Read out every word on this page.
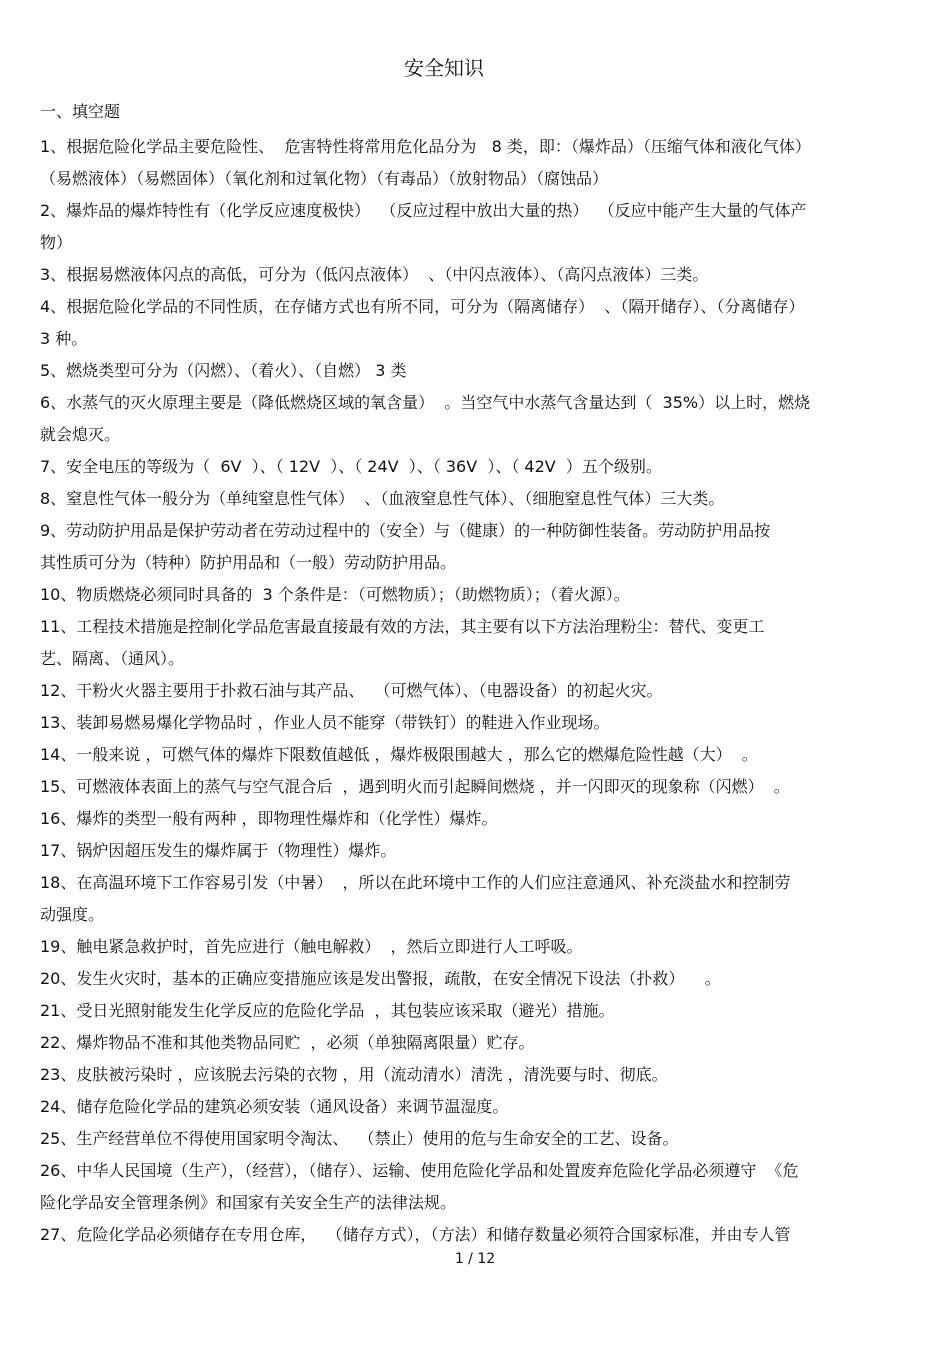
安全知识
一、填空题

1、根据危险化学品主要危险性、  危害特性将常用危化品分为   8 类，即：（爆炸品）（压缩气体和液化气体）

（易燃液体）（易燃固体）（氧化剂和过氧化物）（有毒品）（放射物品）（腐蚀品）

2、爆炸品的爆炸特性有（化学反应速度极快）  （反应过程中放出大量的热）  （反应中能产生大量的气体产

物）

3、根据易燃液体闪点的高低，可分为（低闪点液体）  、（中闪点液体）、（高闪点液体）三类。

4、根据危险化学品的不同性质，在存储方式也有所不同，可分为（隔离储存）  、（隔开储存）、（分离储存）

3 种。

5、燃烧类型可分为（闪燃）、（着火）、（自燃） 3 类

6、水蒸气的灭火原理主要是（降低燃烧区域的氧含量）  。当空气中水蒸气含量达到（  35%）以上时，燃烧

就会熄灭。

7、安全电压的等级为（  6V  ）、（ 12V  ）、（ 24V  ）、（ 36V  ）、（ 42V  ）五个级别。

8、窒息性气体一般分为（单纯窒息性气体）  、（血液窒息性气体）、（细胞窒息性气体）三大类。

9、劳动防护用品是保护劳动者在劳动过程中的（安全）与（健康）的一种防御性装备。劳动防护用品按

其性质可分为（特种）防护用品和（一般）劳动防护用品。

10、物质燃烧必须同时具备的  3 个条件是：（可燃物质）；（助燃物质）；（着火源）。

11、工程技术措施是控制化学品危害最直接最有效的方法，其主要有以下方法治理粉尘：替代、变更工

艺、隔离、（通风）。

12、干粉火火器主要用于扑救石油与其产品、  （可燃气体）、（电器设备）的初起火灾。

13、装卸易燃易爆化学物品时 ，作业人员不能穿（带铁钉）的鞋进入作业现场。

14、一般来说 ，可燃气体的爆炸下限数值越低 ，爆炸极限围越大 ，那么它的燃爆危险性越（大）  。

15、可燃液体表面上的蒸气与空气混合后  ，遇到明火而引起瞬间燃烧 ，并一闪即灭的现象称（闪燃）  。

16、爆炸的类型一般有两种 ，即物理性爆炸和（化学性）爆炸。

17、锅炉因超压发生的爆炸属于（物理性）爆炸。

18、在高温环境下工作容易引发（中暑）  ，所以在此环境中工作的人们应注意通风、补充淡盐水和控制劳

动强度。

19、触电紧急救护时，首先应进行（触电解救）  ，然后立即进行人工呼吸。

20、发生火灾时，基本的正确应变措施应该是发出警报，疏散，在安全情况下设法（扑救）    。

21、受日光照射能发生化学反应的危险化学品  ，其包装应该采取（避光）措施。

22、爆炸物品不准和其他类物品同贮  ，必须（单独隔离限量）贮存。

23、皮肤被污染时 ，应该脱去污染的衣物 ，用（流动清水）清洗 ，清洗要与时、彻底。

24、储存危险化学品的建筑必须安装（通风设备）来调节温湿度。

25、生产经营单位不得使用国家明令淘汰、  （禁止）使用的危与生命安全的工艺、设备。

26、中华人民国境（生产），（经营），（储存）、运输、使用危险化学品和处置废弃危险化学品必须遵守  《危

险化学品安全管理条例》和国家有关安全生产的法律法规。

27、危险化学品必须储存在专用仓库，  （储存方式），（方法）和储存数量必须符合国家标准，并由专人管

1 / 12
